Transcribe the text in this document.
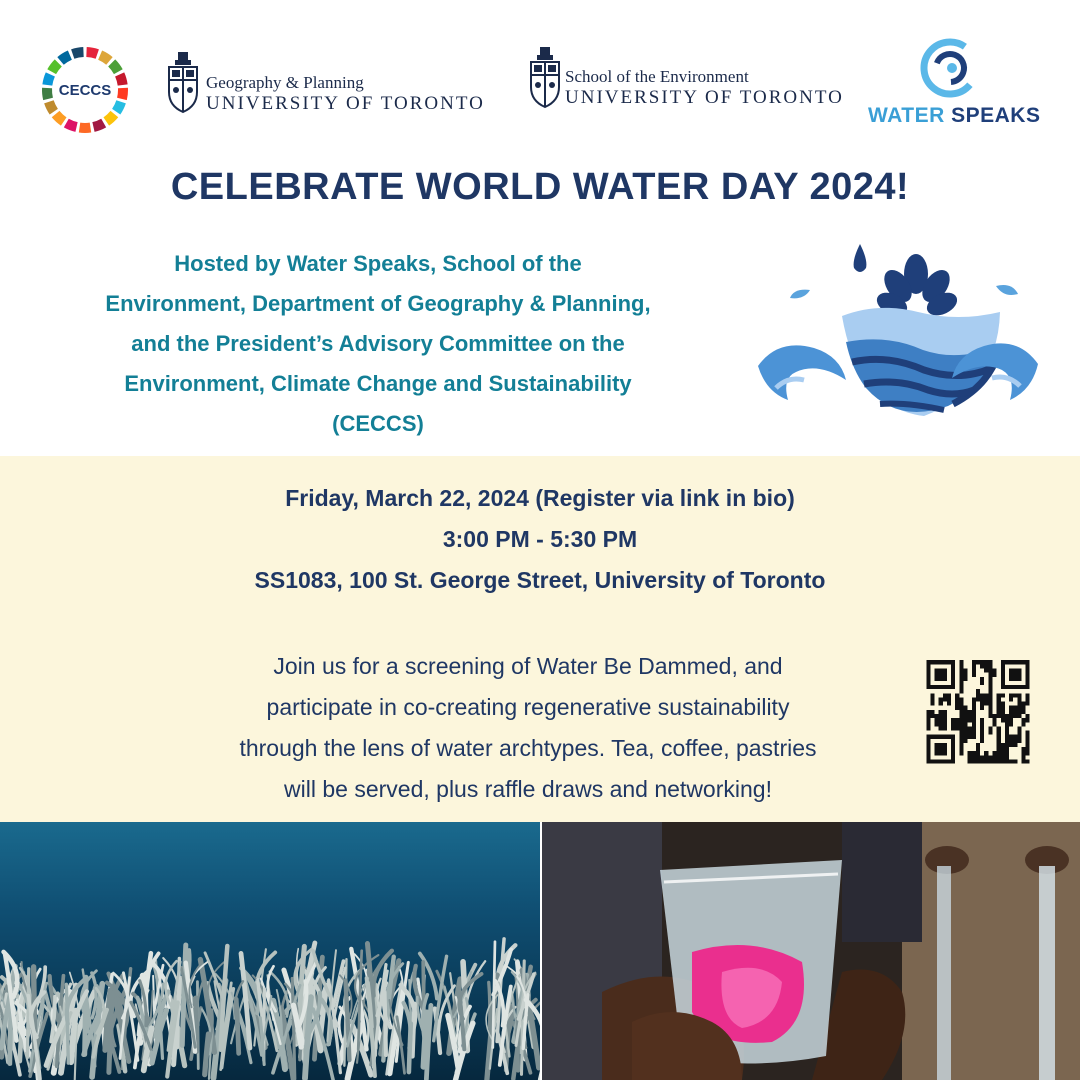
CECCS	Geography & Planning
UNIVERSITY OF TORONTO
School of the Environment
UNIVERSITY OF TORONTO
WATER SPEAKS
CELEBRATE WORLD WATER DAY 2024!
Hosted by Water Speaks, School of the
Environment, Department of Geography & Planning,
and the President’s Advisory Committee on the
Environment, Climate Change and Sustainability
(CECCS)
Friday, March 22, 2024 (Register via link in bio)
3:00 PM - 5:30 PM
SS1083, 100 St. George Street, University of Toronto
Join us for a screening of Water Be Dammed, and
participate in co-creating regenerative sustainability
through the lens of water archtypes. Tea, coffee, pastries
will be served, plus raffle draws and networking!
